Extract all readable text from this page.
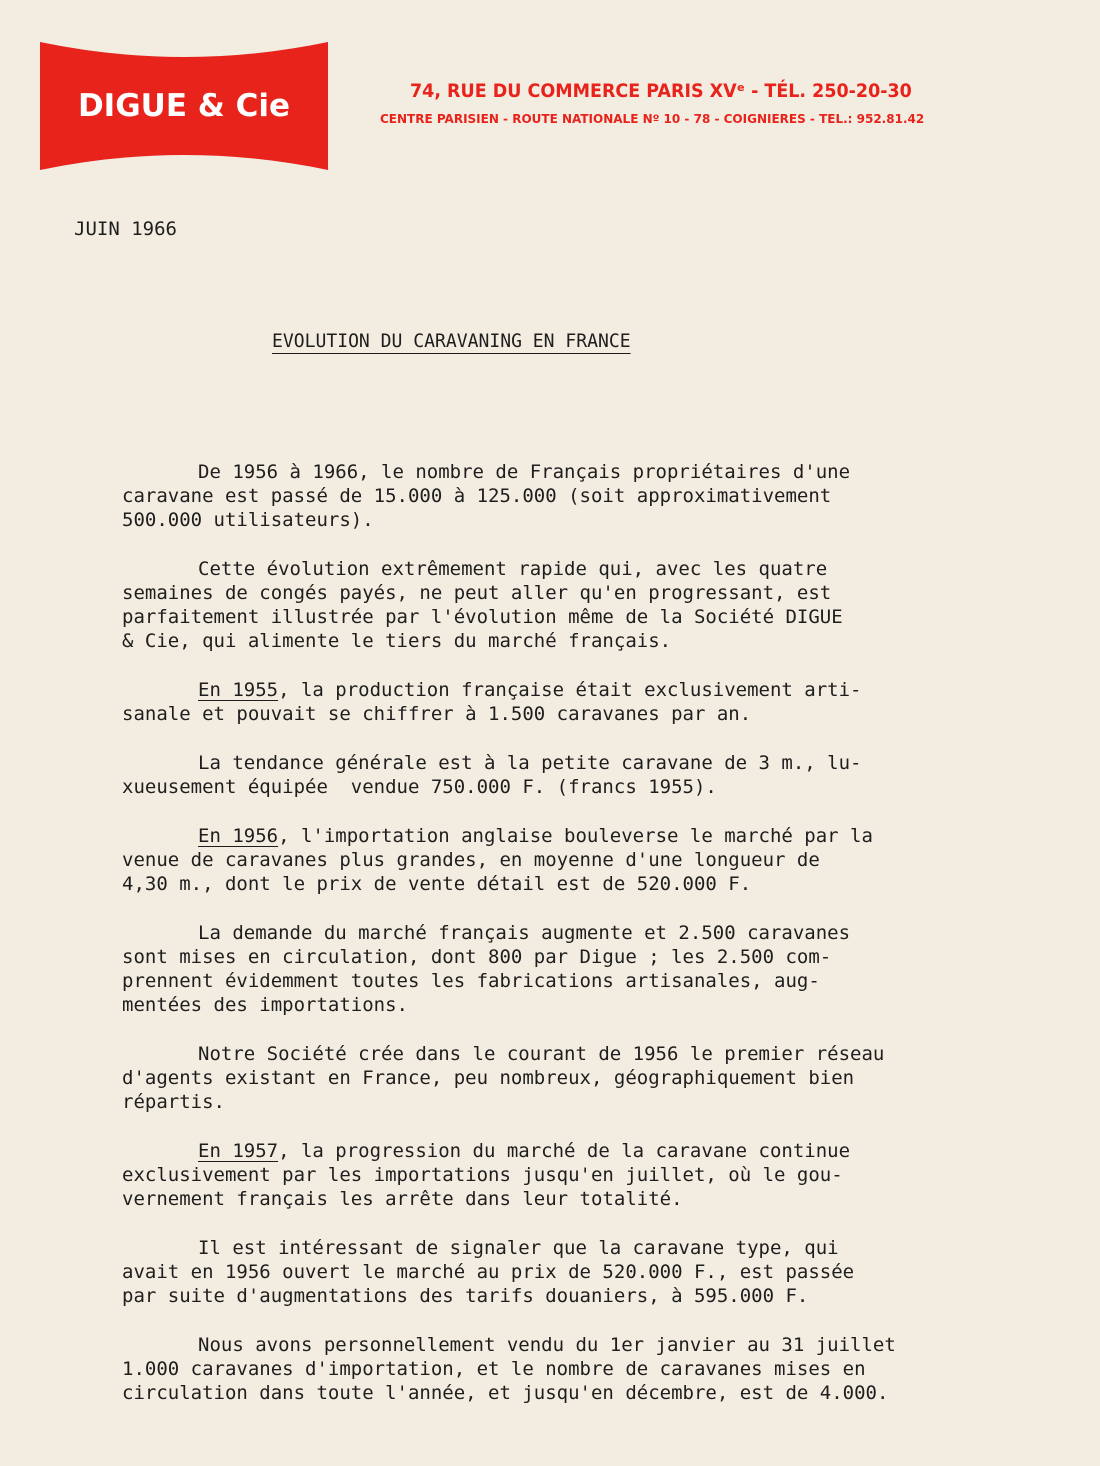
DIGUE & Cie	74, RUE DU COMMERCE PARIS XVᵉ - TÉL. 250-20-30
CENTRE PARISIEN - ROUTE NATIONALE Nº 10 - 78 - COIGNIERES - TEL.: 952.81.42
JUIN 1966
EVOLUTION DU CARAVANING EN FRANCE
De 1956 à 1966, le nombre de Français propriétaires d'une
caravane est passé de 15.000 à 125.000 (soit approximativement
500.000 utilisateurs).
Cette évolution extrêmement rapide qui, avec les quatre
semaines de congés payés, ne peut aller qu'en progressant, est
parfaitement illustrée par l'évolution même de la Société DIGUE
& Cie, qui alimente le tiers du marché français.
En 1955, la production française était exclusivement arti-
sanale et pouvait se chiffrer à 1.500 caravanes par an.
La tendance générale est à la petite caravane de 3 m., lu-
xueusement équipée  vendue 750.000 F. (francs 1955).
En 1956, l'importation anglaise bouleverse le marché par la
venue de caravanes plus grandes, en moyenne d'une longueur de
4,30 m., dont le prix de vente détail est de 520.000 F.
La demande du marché français augmente et 2.500 caravanes
sont mises en circulation, dont 800 par Digue ; les 2.500 com-
prennent évidemment toutes les fabrications artisanales, aug-
mentées des importations.
Notre Société crée dans le courant de 1956 le premier réseau
d'agents existant en France, peu nombreux, géographiquement bien
répartis.
En 1957, la progression du marché de la caravane continue
exclusivement par les importations jusqu'en juillet, où le gou-
vernement français les arrête dans leur totalité.
Il est intéressant de signaler que la caravane type, qui
avait en 1956 ouvert le marché au prix de 520.000 F., est passée
par suite d'augmentations des tarifs douaniers, à 595.000 F.
Nous avons personnellement vendu du 1er janvier au 31 juillet
1.000 caravanes d'importation, et le nombre de caravanes mises en
circulation dans toute l'année, et jusqu'en décembre, est de 4.000.
